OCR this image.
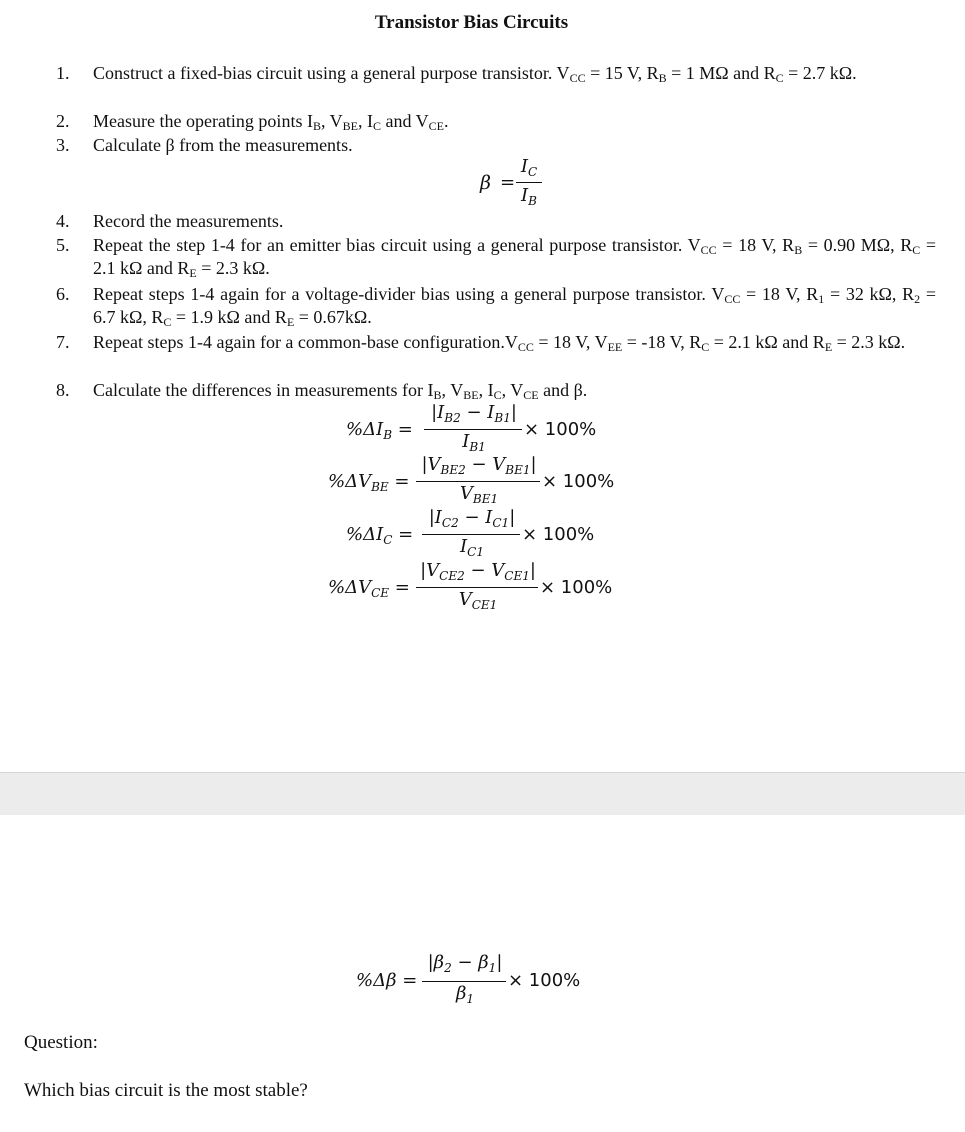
Transistor Bias Circuits
1. Construct a fixed-bias circuit using a general purpose transistor. $V_{CC} = 15$ V, $R_B = 1$ MΩ and $R_C = 2.7$ kΩ.
2. Measure the operating points $I_B$, $V_{BE}$, $I_C$ and $V_{CE}$.
3. Calculate β from the measurements.
β =
$I_C$
$I_B$
4. Record the measurements.
5. Repeat the step 1-4 for an emitter bias circuit using a general purpose transistor. $V_{CC} = 18$ V, $R_B = 0.90$ MΩ, $R_C = 2.1$ kΩ and $R_E = 2.3$ kΩ.
6. Repeat steps 1-4 again for a voltage-divider bias using a general purpose transistor. $V_{CC} = 18$ V, $R_1 = 32$ kΩ, $R_2 = 6.7$ kΩ, $R_C = 1.9$ kΩ and $R_E = 0.67k\Omega$.
7. Repeat steps 1-4 again for a common-base $configuration.V_{CC} = 18$ V, $V_{EE} = -18$ V, $R_C = 2.1$ kΩ and $R_E = 2.3$ kΩ.
8. Calculate the differences in measurements for $I_B$, $V_{BE}$, $I_C$, $V_{CE}$ and β.
$\%\Delta I_B$ =
$|I_{B2} - I_{B1}|$
$I_{B1}$
× 100%
$\%\Delta V_{BE}$ =
$|V_{BE2} - V_{BE1}|$
$V_{BE1}$
× 100%
$\%\Delta I_C$ =
$|I_{C2} - I_{C1}|$
$I_{C1}$
× 100%
$\%\Delta V_{CE}$ =
$|V_{CE2} - V_{CE1}|$
$V_{CE1}$
× 100%
%Δβ =
$|\beta_2 - \beta_1|$
$\beta_1$
× 100%
Question:
Which bias circuit is the most stable?
